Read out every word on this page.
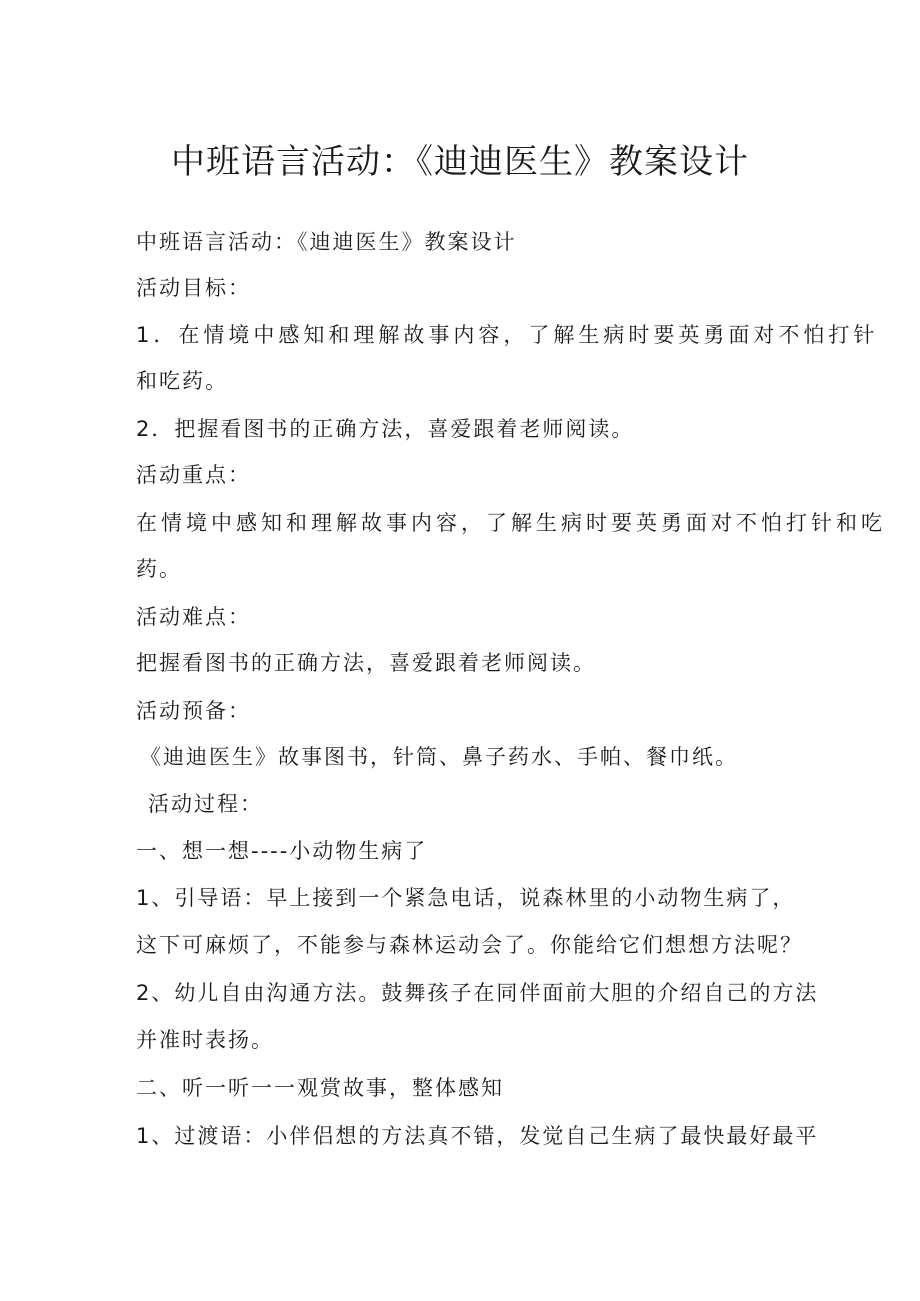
中班语言活动：《迪迪医生》教案设计
中班语言活动：《迪迪医生》教案设计
活动目标：
1．在情境中感知和理解故事内容，了解生病时要英勇面对不怕打针
和吃药。
2．把握看图书的正确方法，喜爱跟着老师阅读。
活动重点：
在情境中感知和理解故事内容，了解生病时要英勇面对不怕打针和吃
药。
活动难点：
把握看图书的正确方法，喜爱跟着老师阅读。
活动预备：
《迪迪医生》故事图书，针筒、鼻子药水、手帕、餐巾纸。
活动过程：
一、想一想----小动物生病了
1、引导语：早上接到一个紧急电话，说森林里的小动物生病了，
这下可麻烦了，不能参与森林运动会了。你能给它们想想方法呢？
2、幼儿自由沟通方法。鼓舞孩子在同伴面前大胆的介绍自己的方法
并准时表扬。
二、听一听一一观赏故事，整体感知
1、过渡语：小伴侣想的方法真不错，发觉自己生病了最快最好最平
